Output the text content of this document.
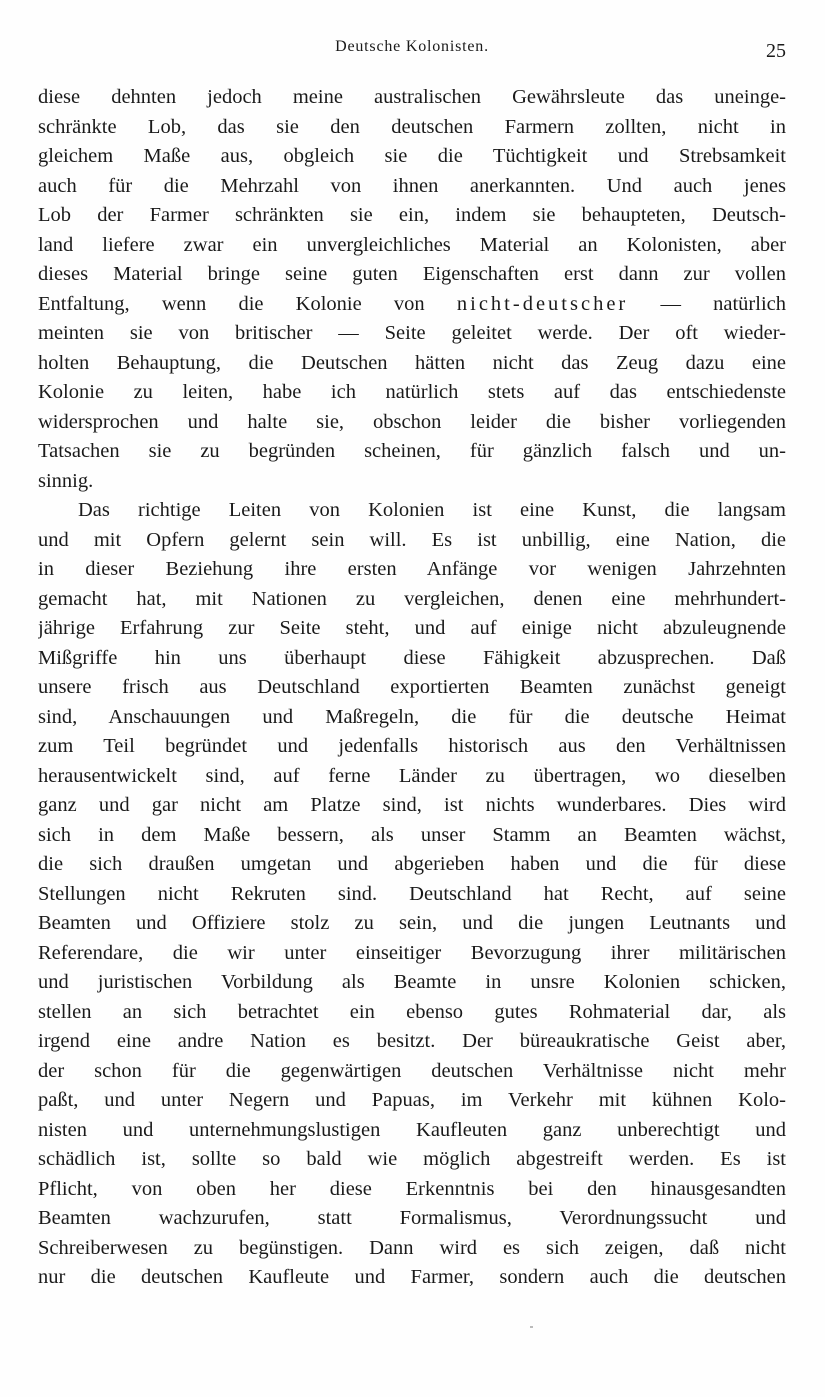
Deutsche Kolonisten.	25
diese dehnten jedoch meine australischen Gewährsleute das uneinge-
schränkte Lob, das sie den deutschen Farmern zollten, nicht in
gleichem Maße aus, obgleich sie die Tüchtigkeit und Strebsamkeit
auch für die Mehrzahl von ihnen anerkannten. Und auch jenes
Lob der Farmer schränkten sie ein, indem sie behaupteten, Deutsch-
land liefere zwar ein unvergleichliches Material an Kolonisten, aber
dieses Material bringe seine guten Eigenschaften erst dann zur vollen
Entfaltung, wenn die Kolonie von nicht-deutscher — natürlich
meinten sie von britischer — Seite geleitet werde. Der oft wieder-
holten Behauptung, die Deutschen hätten nicht das Zeug dazu eine
Kolonie zu leiten, habe ich natürlich stets auf das entschiedenste
widersprochen und halte sie, obschon leider die bisher vorliegenden
Tatsachen sie zu begründen scheinen, für gänzlich falsch und un-
sinnig.
Das richtige Leiten von Kolonien ist eine Kunst, die langsam
und mit Opfern gelernt sein will. Es ist unbillig, eine Nation, die
in dieser Beziehung ihre ersten Anfänge vor wenigen Jahrzehnten
gemacht hat, mit Nationen zu vergleichen, denen eine mehrhundert-
jährige Erfahrung zur Seite steht, und auf einige nicht abzuleugnende
Mißgriffe hin uns überhaupt diese Fähigkeit abzusprechen. Daß
unsere frisch aus Deutschland exportierten Beamten zunächst geneigt
sind, Anschauungen und Maßregeln, die für die deutsche Heimat
zum Teil begründet und jedenfalls historisch aus den Verhältnissen
herausentwickelt sind, auf ferne Länder zu übertragen, wo dieselben
ganz und gar nicht am Platze sind, ist nichts wunderbares. Dies wird
sich in dem Maße bessern, als unser Stamm an Beamten wächst,
die sich draußen umgetan und abgerieben haben und die für diese
Stellungen nicht Rekruten sind. Deutschland hat Recht, auf seine
Beamten und Offiziere stolz zu sein, und die jungen Leutnants und
Referendare, die wir unter einseitiger Bevorzugung ihrer militärischen
und juristischen Vorbildung als Beamte in unsre Kolonien schicken,
stellen an sich betrachtet ein ebenso gutes Rohmaterial dar, als
irgend eine andre Nation es besitzt. Der büreaukratische Geist aber,
der schon für die gegenwärtigen deutschen Verhältnisse nicht mehr
paßt, und unter Negern und Papuas, im Verkehr mit kühnen Kolo-
nisten und unternehmungslustigen Kaufleuten ganz unberechtigt und
schädlich ist, sollte so bald wie möglich abgestreift werden. Es ist
Pflicht, von oben her diese Erkenntnis bei den hinausgesandten
Beamten wachzurufen, statt Formalismus, Verordnungssucht und
Schreiberwesen zu begünstigen. Dann wird es sich zeigen, daß nicht
nur die deutschen Kaufleute und Farmer, sondern auch die deutschen
